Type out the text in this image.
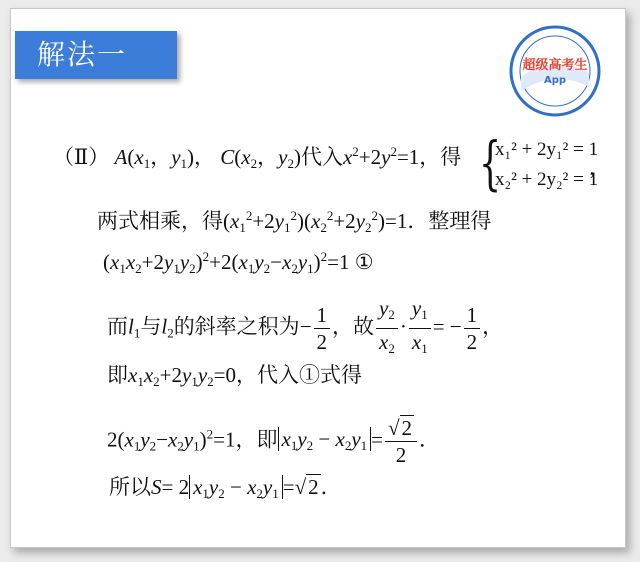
解法一	超级高考生
App
（Ⅱ） $A(x_1$，$y_1$)， $C(x_2$，$y_2$)代入$x^2+2y^2=1$，得 {
x₁² + 2y₁² = 1
x₂² + 2y₂² = 1
，
两式相乘，得$(x_1^2+2y_1^2)(x_2^2+2y_2^2)=1$．整理得
$(x_1x_2+2y_1y_2)^2+2(x_1y_2-x_2y_1)^2=1$ ①
而$l_1$与$l_2$的斜率之积为− $\frac{1}{2}$ ，故 $\frac{y_2}{x_2} \cdot \frac{y_1}{x_1}$ = − $\frac{1}{2}$ ，
即$x_1x_2+2y_1y_2=0$，代入①式得
$2(x_1y_2-x_2y_1)^2=1$，即 $x_1y_2 - x_2y_1 = \frac{√2}{2}$ ．
所以S= 2 $x_1y_2 - x_2y_1 =√2$．
